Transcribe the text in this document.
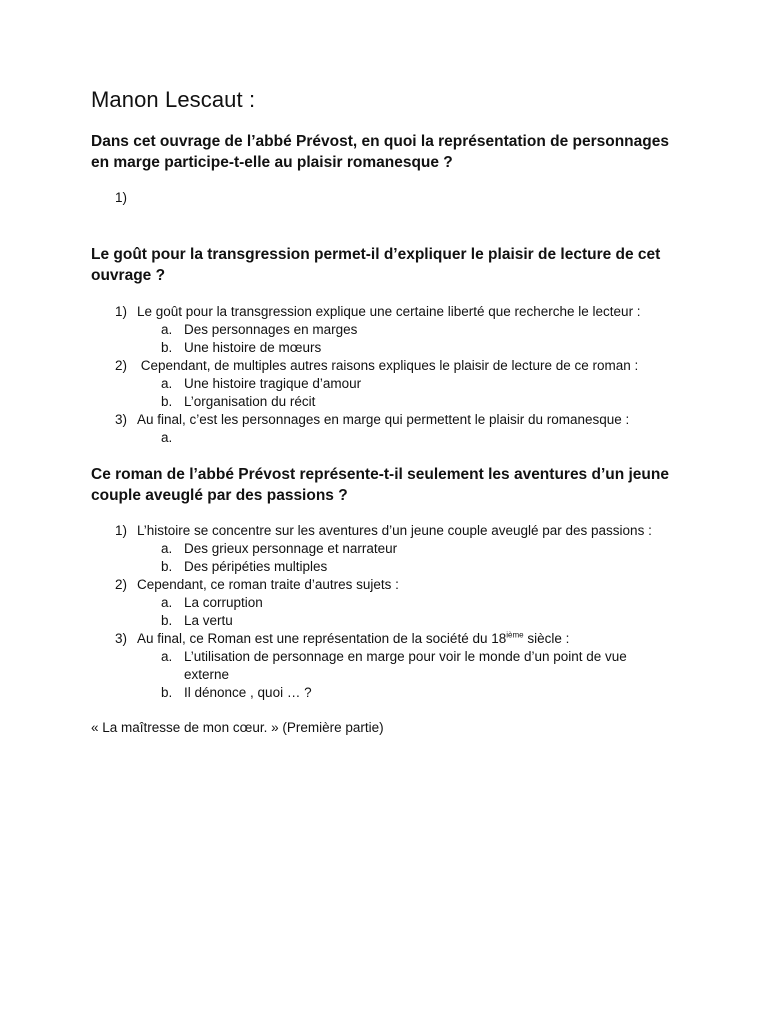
Manon Lescaut :
Dans cet ouvrage de l’abbé Prévost, en quoi la représentation de personnages en marge participe-t-elle au plaisir romanesque ?
1)
Le goût pour la transgression permet-il d’expliquer le plaisir de lecture de cet ouvrage ?
1) Le goût pour la transgression explique une certaine liberté que recherche le lecteur :
a. Des personnages en marges
b. Une histoire de mœurs
2) Cependant, de multiples autres raisons expliques le plaisir de lecture de ce roman :
a. Une histoire tragique d’amour
b. L’organisation du récit
3) Au final, c’est les personnages en marge qui permettent le plaisir du romanesque :
a.
Ce roman de l’abbé Prévost représente-t-il seulement les aventures d’un jeune couple aveuglé par des passions ?
1) L’histoire se concentre sur les aventures d’un jeune couple aveuglé par des passions :
a. Des grieux personnage et narrateur
b. Des péripéties multiples
2) Cependant, ce roman traite d’autres sujets :
a. La corruption
b. La vertu
3) Au final, ce Roman est une représentation de la société du 18ième siècle :
a. L’utilisation de personnage en marge pour voir le monde d’un point de vue externe
b. Il dénonce , quoi … ?
« La maîtresse de mon cœur. » (Première partie)
